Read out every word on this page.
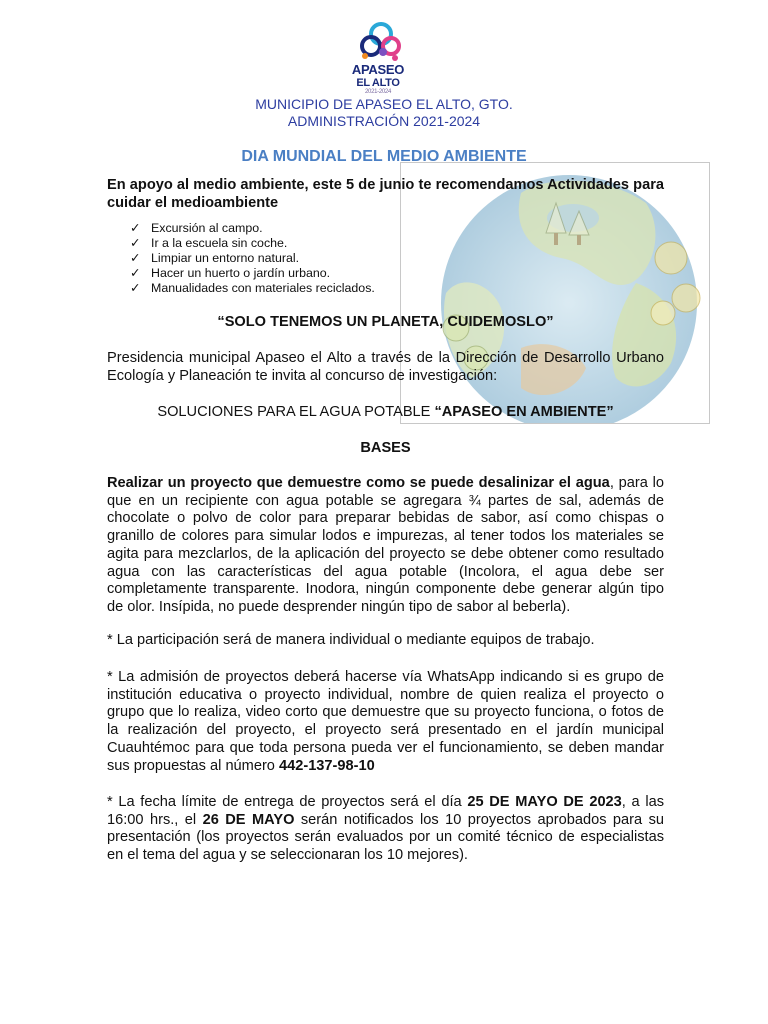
APASEO
EL ALTO
2021-2024
MUNICIPIO DE APASEO EL ALTO, GTO.
ADMINISTRACIÓN 2021-2024
DIA MUNDIAL DEL MEDIO AMBIENTE
En apoyo al medio ambiente, este 5 de junio te recomendamos Actividades para cuidar el medioambiente
✓ Excursión al campo.
✓ Ir a la escuela sin coche.
✓ Limpiar un entorno natural.
✓ Hacer un huerto o jardín urbano.
✓ Manualidades con materiales reciclados.
“SOLO TENEMOS UN PLANETA, CUIDEMOSLO”
Presidencia municipal Apaseo el Alto a través de la Dirección de Desarrollo Urbano Ecología y Planeación te invita al concurso de investigación:
SOLUCIONES PARA EL AGUA POTABLE “APASEO EN AMBIENTE”
BASES
Realizar un proyecto que demuestre como se puede desalinizar el agua, para lo que en un recipiente con agua potable se agregara ¾ partes de sal, además de chocolate o polvo de color para preparar bebidas de sabor, así como chispas o granillo de colores para simular lodos e impurezas, al tener todos los materiales se agita para mezclarlos, de la aplicación del proyecto se debe obtener como resultado agua con las características del agua potable (Incolora, el agua debe ser completamente transparente. Inodora, ningún componente debe generar algún tipo de olor. Insípida, no puede desprender ningún tipo de sabor al beberla).
* La participación será de manera individual o mediante equipos de trabajo.
* La admisión de proyectos deberá hacerse vía WhatsApp indicando si es grupo de institución educativa o proyecto individual, nombre de quien realiza el proyecto o grupo que lo realiza, video corto que demuestre que su proyecto funciona, o fotos de la realización del proyecto, el proyecto será presentado en el jardín municipal Cuauhtémoc para que toda persona pueda ver el funcionamiento, se deben mandar sus propuestas al número 442-137-98-10
* La fecha límite de entrega de proyectos será el día 25 DE MAYO DE 2023, a las 16:00 hrs., el 26 DE MAYO serán notificados los 10 proyectos aprobados para su presentación (los proyectos serán evaluados por un comité técnico de especialistas en el tema del agua y se seleccionaran los 10 mejores).
